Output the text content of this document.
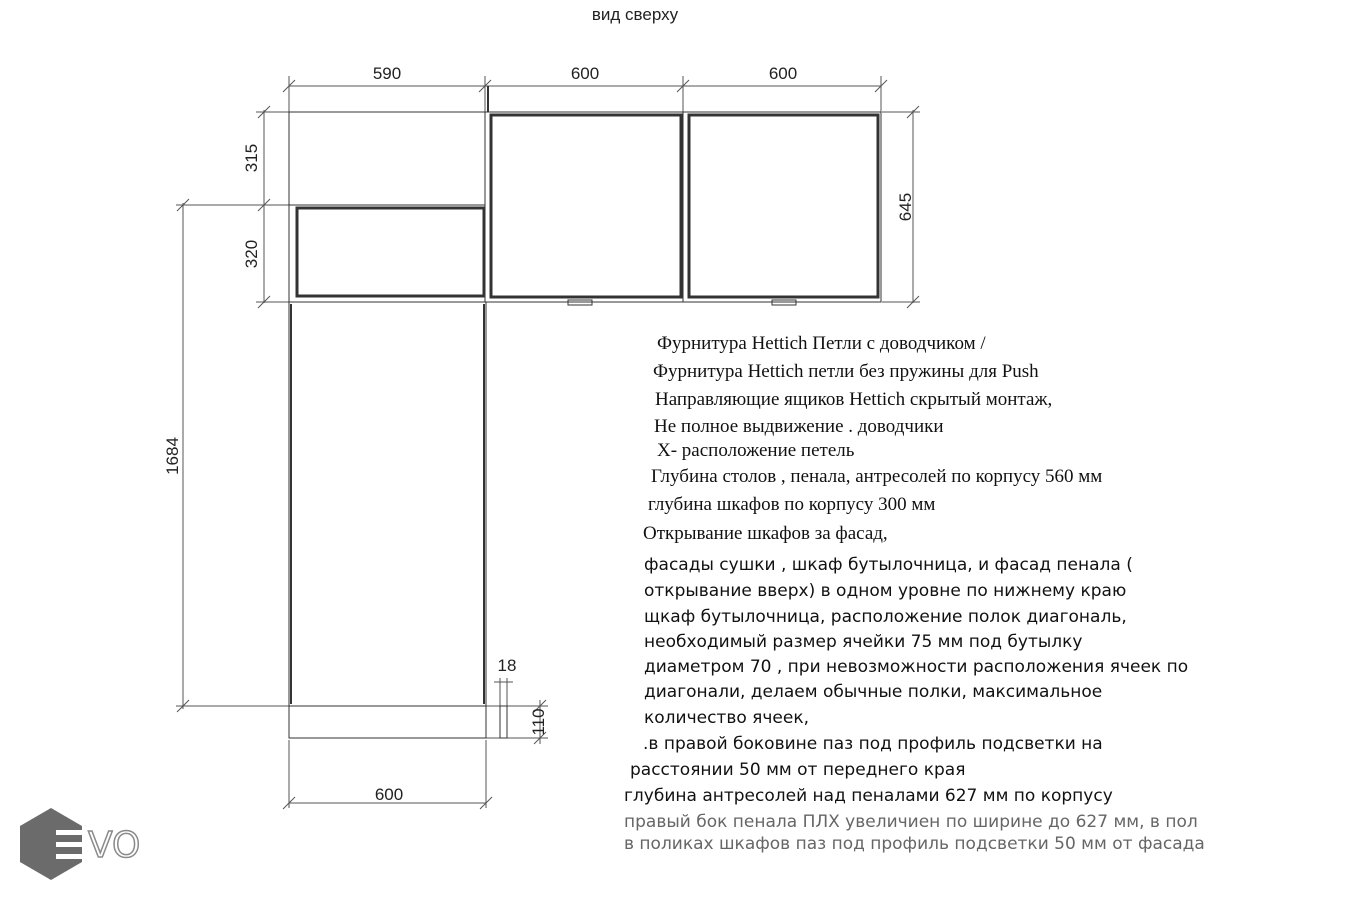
вид сверху
590	600	600
315
320
645
1684
18
110
600
Фурнитура Hettich Петли с доводчиком /
Фурнитура Hettich петли без пружины для Push
Направляющие ящиков Hettich скрытый монтаж,
Не полное выдвижение . доводчики
X- расположение петель
Глубина столов , пенала, антресолей по корпусу 560 мм
глубина шкафов по корпусу 300 мм
Открывание шкафов за фасад,
фасады сушки , шкаф бутылочница, и фасад пенала (
открывание вверх) в одном уровне по нижнему краю
щкаф бутылочница, расположение полок диагональ,
необходимый размер ячейки 75 мм под бутылку
диаметром 70 , при невозможности расположения ячеек по
диагонали, делаем обычные полки, максимальное
количество ячеек,
.в правой боковине паз под профиль подсветки на
расстоянии 50 мм от переднего края
глубина антресолей над пеналами 627 мм по корпусу
правый бок пенала ПЛХ увеличиен по ширине до 627 мм, в пол
в поликах шкафов паз под профиль подсветки 50 мм от фасада
VO
